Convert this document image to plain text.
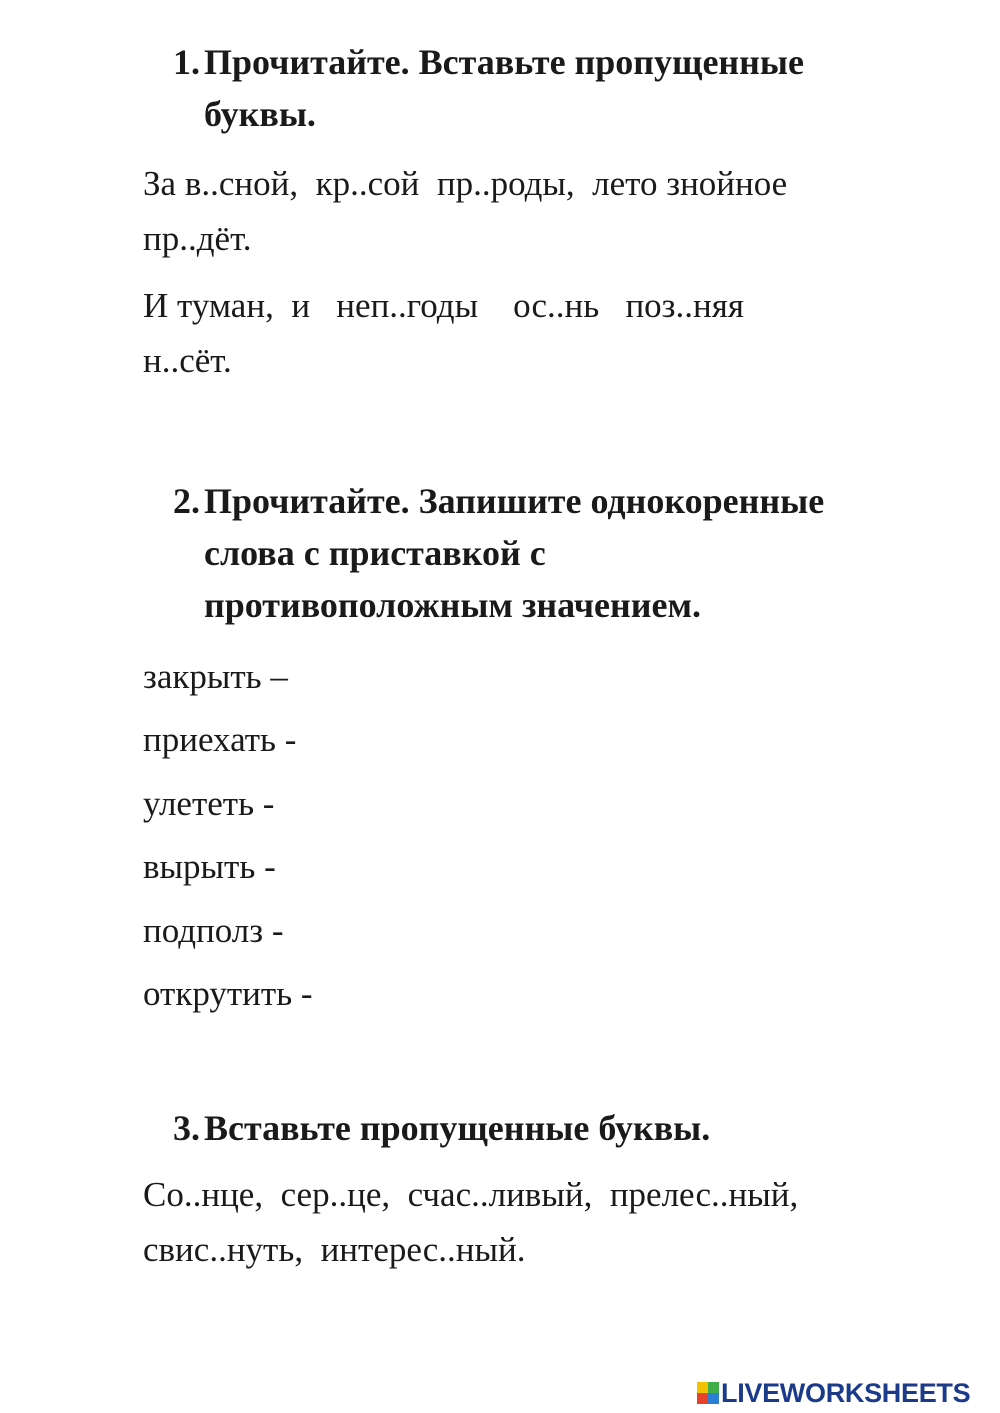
1. Прочитайте. Вставьте пропущенные
буквы.

За в..сной,  кр..сой  пр..роды,  лето знойное

пр..дёт.

И туман,  и   неп..годы    ос..нь   поз..няя

н..сёт.

2. Прочитайте. Запишите однокоренные
слова с приставкой с
противоположным значением.

закрыть –

приехать -

улететь -

вырыть -

подполз -

открутить -

3. Вставьте пропущенные буквы.

Со..нце,  сер..це,  счас..ливый,  прелес..ный,

свис..нуть,  интерес..ный.

LIVEWORKSHEETS
